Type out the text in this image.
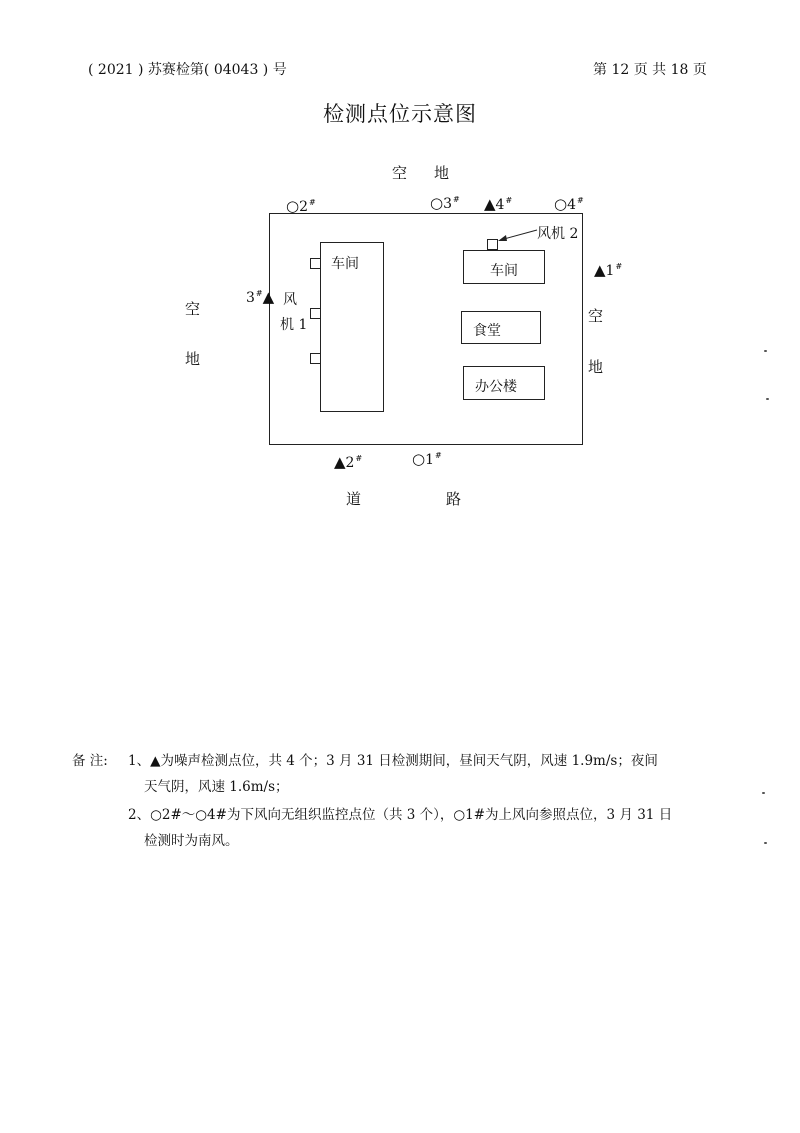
( 2021 ) 苏赛检第( 04043 ) 号	第 12 页 共 18 页
检测点位示意图
空 地
空
地
空
地
道	路
车间
风
机 1
车间
风机 2
食堂
办公楼
○2#	○3# ▲4#	○4#
▲1#
3#▲
▲2#	○1#
备 注: 1、▲为噪声检测点位，共 4 个；3 月 31 日检测期间，昼间天气阴，风速 1.9m/s；夜间
天气阴，风速 1.6m/s；
2、○2#～○4#为下风向无组织监控点位（共 3 个），○1#为上风向参照点位，3 月 31 日
检测时为南风。
